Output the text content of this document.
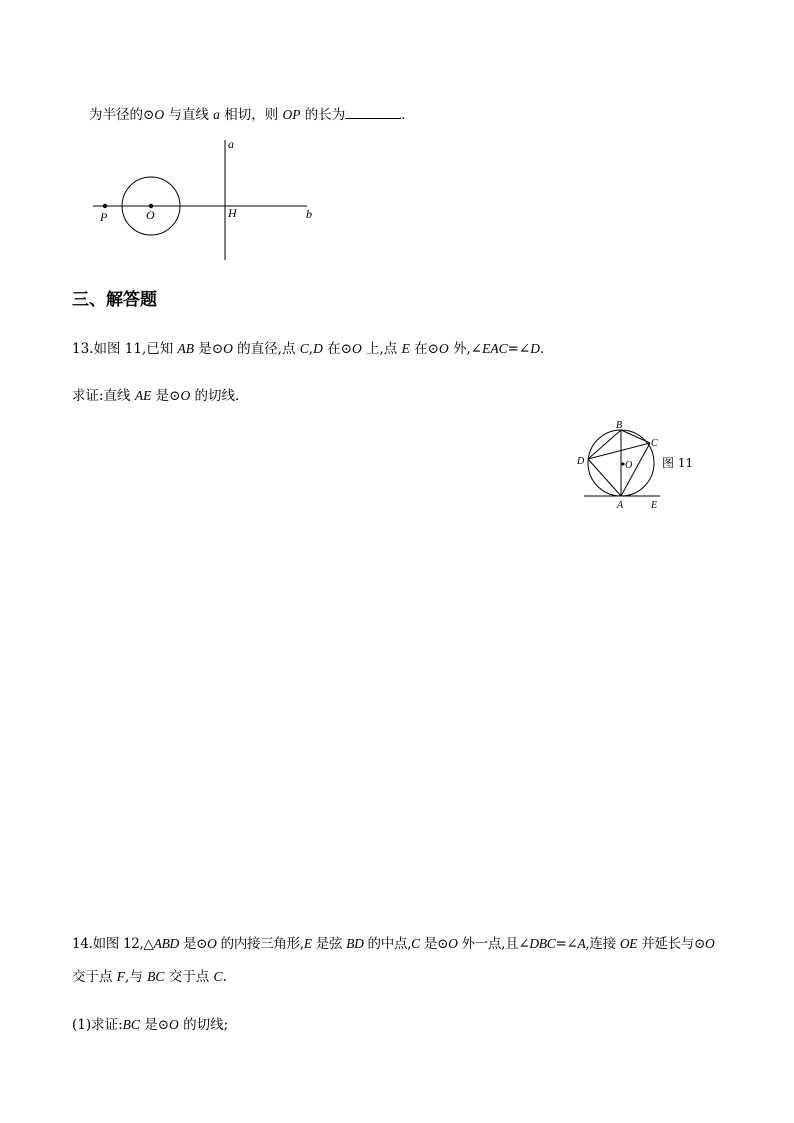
为半径的⊙O 与直线 a 相切，则 OP 的长为	．
a
b
P	O	H
三、解答题
13.如图 11,已知 AB 是⊙O 的直径,点 C,D 在⊙O 上,点 E 在⊙O 外,∠EAC=∠D.
求证:直线 AE 是⊙O 的切线.
B
C
D	O
A	E
图 11
14.如图 12,△ABD 是⊙O 的内接三角形,E 是弦 BD 的中点,C 是⊙O 外一点,且∠DBC=∠A,连接 OE 并延长与⊙O
交于点 F,与 BC 交于点 C.
(1)求证:BC 是⊙O 的切线;
